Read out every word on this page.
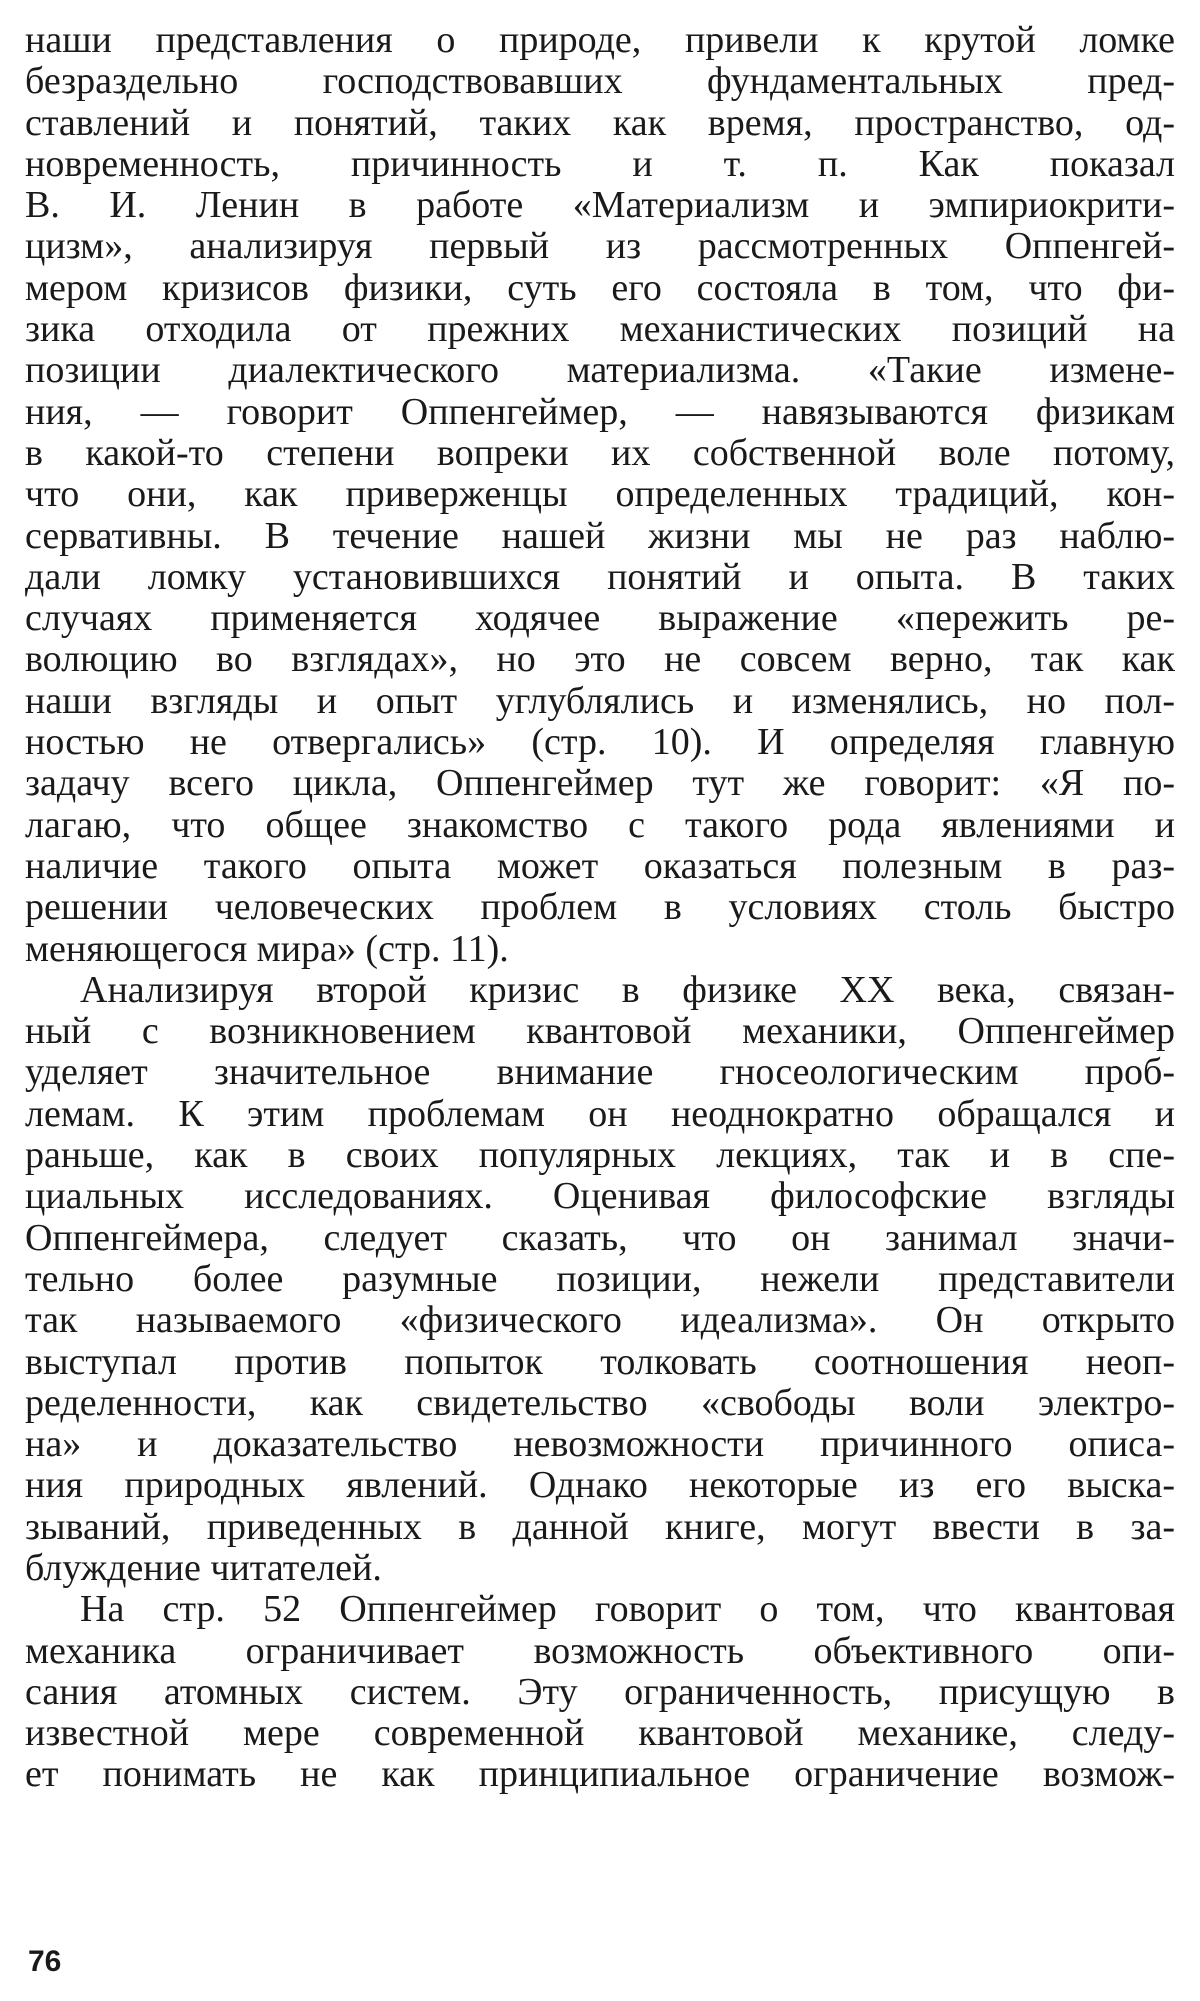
наши представления о природе, привели к крутой ломке
безраздельно господствовавших фундаментальных пред-
ставлений и понятий, таких как время, пространство, од-
новременность, причинность и т. п. Как показал
В. И. Ленин в работе «Материализм и эмпириокрити-
цизм», анализируя первый из рассмотренных Оппенгей-
мером кризисов физики, суть его состояла в том, что фи-
зика отходила от прежних механистических позиций на
позиции диалектического материализма. «Такие измене-
ния, — говорит Оппенгеймер, — навязываются физикам
в какой-то степени вопреки их собственной воле потому,
что они, как приверженцы определенных традиций, кон-
сервативны. В течение нашей жизни мы не раз наблю-
дали ломку установившихся понятий и опыта. В таких
случаях применяется ходячее выражение «пережить ре-
волюцию во взглядах», но это не совсем верно, так как
наши взгляды и опыт углублялись и изменялись, но пол-
ностью не отвергались» (стр. 10). И определяя главную
задачу всего цикла, Оппенгеймер тут же говорит: «Я по-
лагаю, что общее знакомство с такого рода явлениями и
наличие такого опыта может оказаться полезным в раз-
решении человеческих проблем в условиях столь быстро
меняющегося мира» (стр. 11).
Анализируя второй кризис в физике XX века, связан-
ный с возникновением квантовой механики, Оппенгеймер
уделяет значительное внимание гносеологическим проб-
лемам. К этим проблемам он неоднократно обращался и
раньше, как в своих популярных лекциях, так и в спе-
циальных исследованиях. Оценивая философские взгляды
Оппенгеймера, следует сказать, что он занимал значи-
тельно более разумные позиции, нежели представители
так называемого «физического идеализма». Он открыто
выступал против попыток толковать соотношения неоп-
ределенности, как свидетельство «свободы воли электро-
на» и доказательство невозможности причинного описа-
ния природных явлений. Однако некоторые из его выска-
зываний, приведенных в данной книге, могут ввести в за-
блуждение читателей.
На стр. 52 Оппенгеймер говорит о том, что квантовая
механика ограничивает возможность объективного опи-
сания атомных систем. Эту ограниченность, присущую в
известной мере современной квантовой механике, следу-
ет понимать не как принципиальное ограничение возмож-
76
